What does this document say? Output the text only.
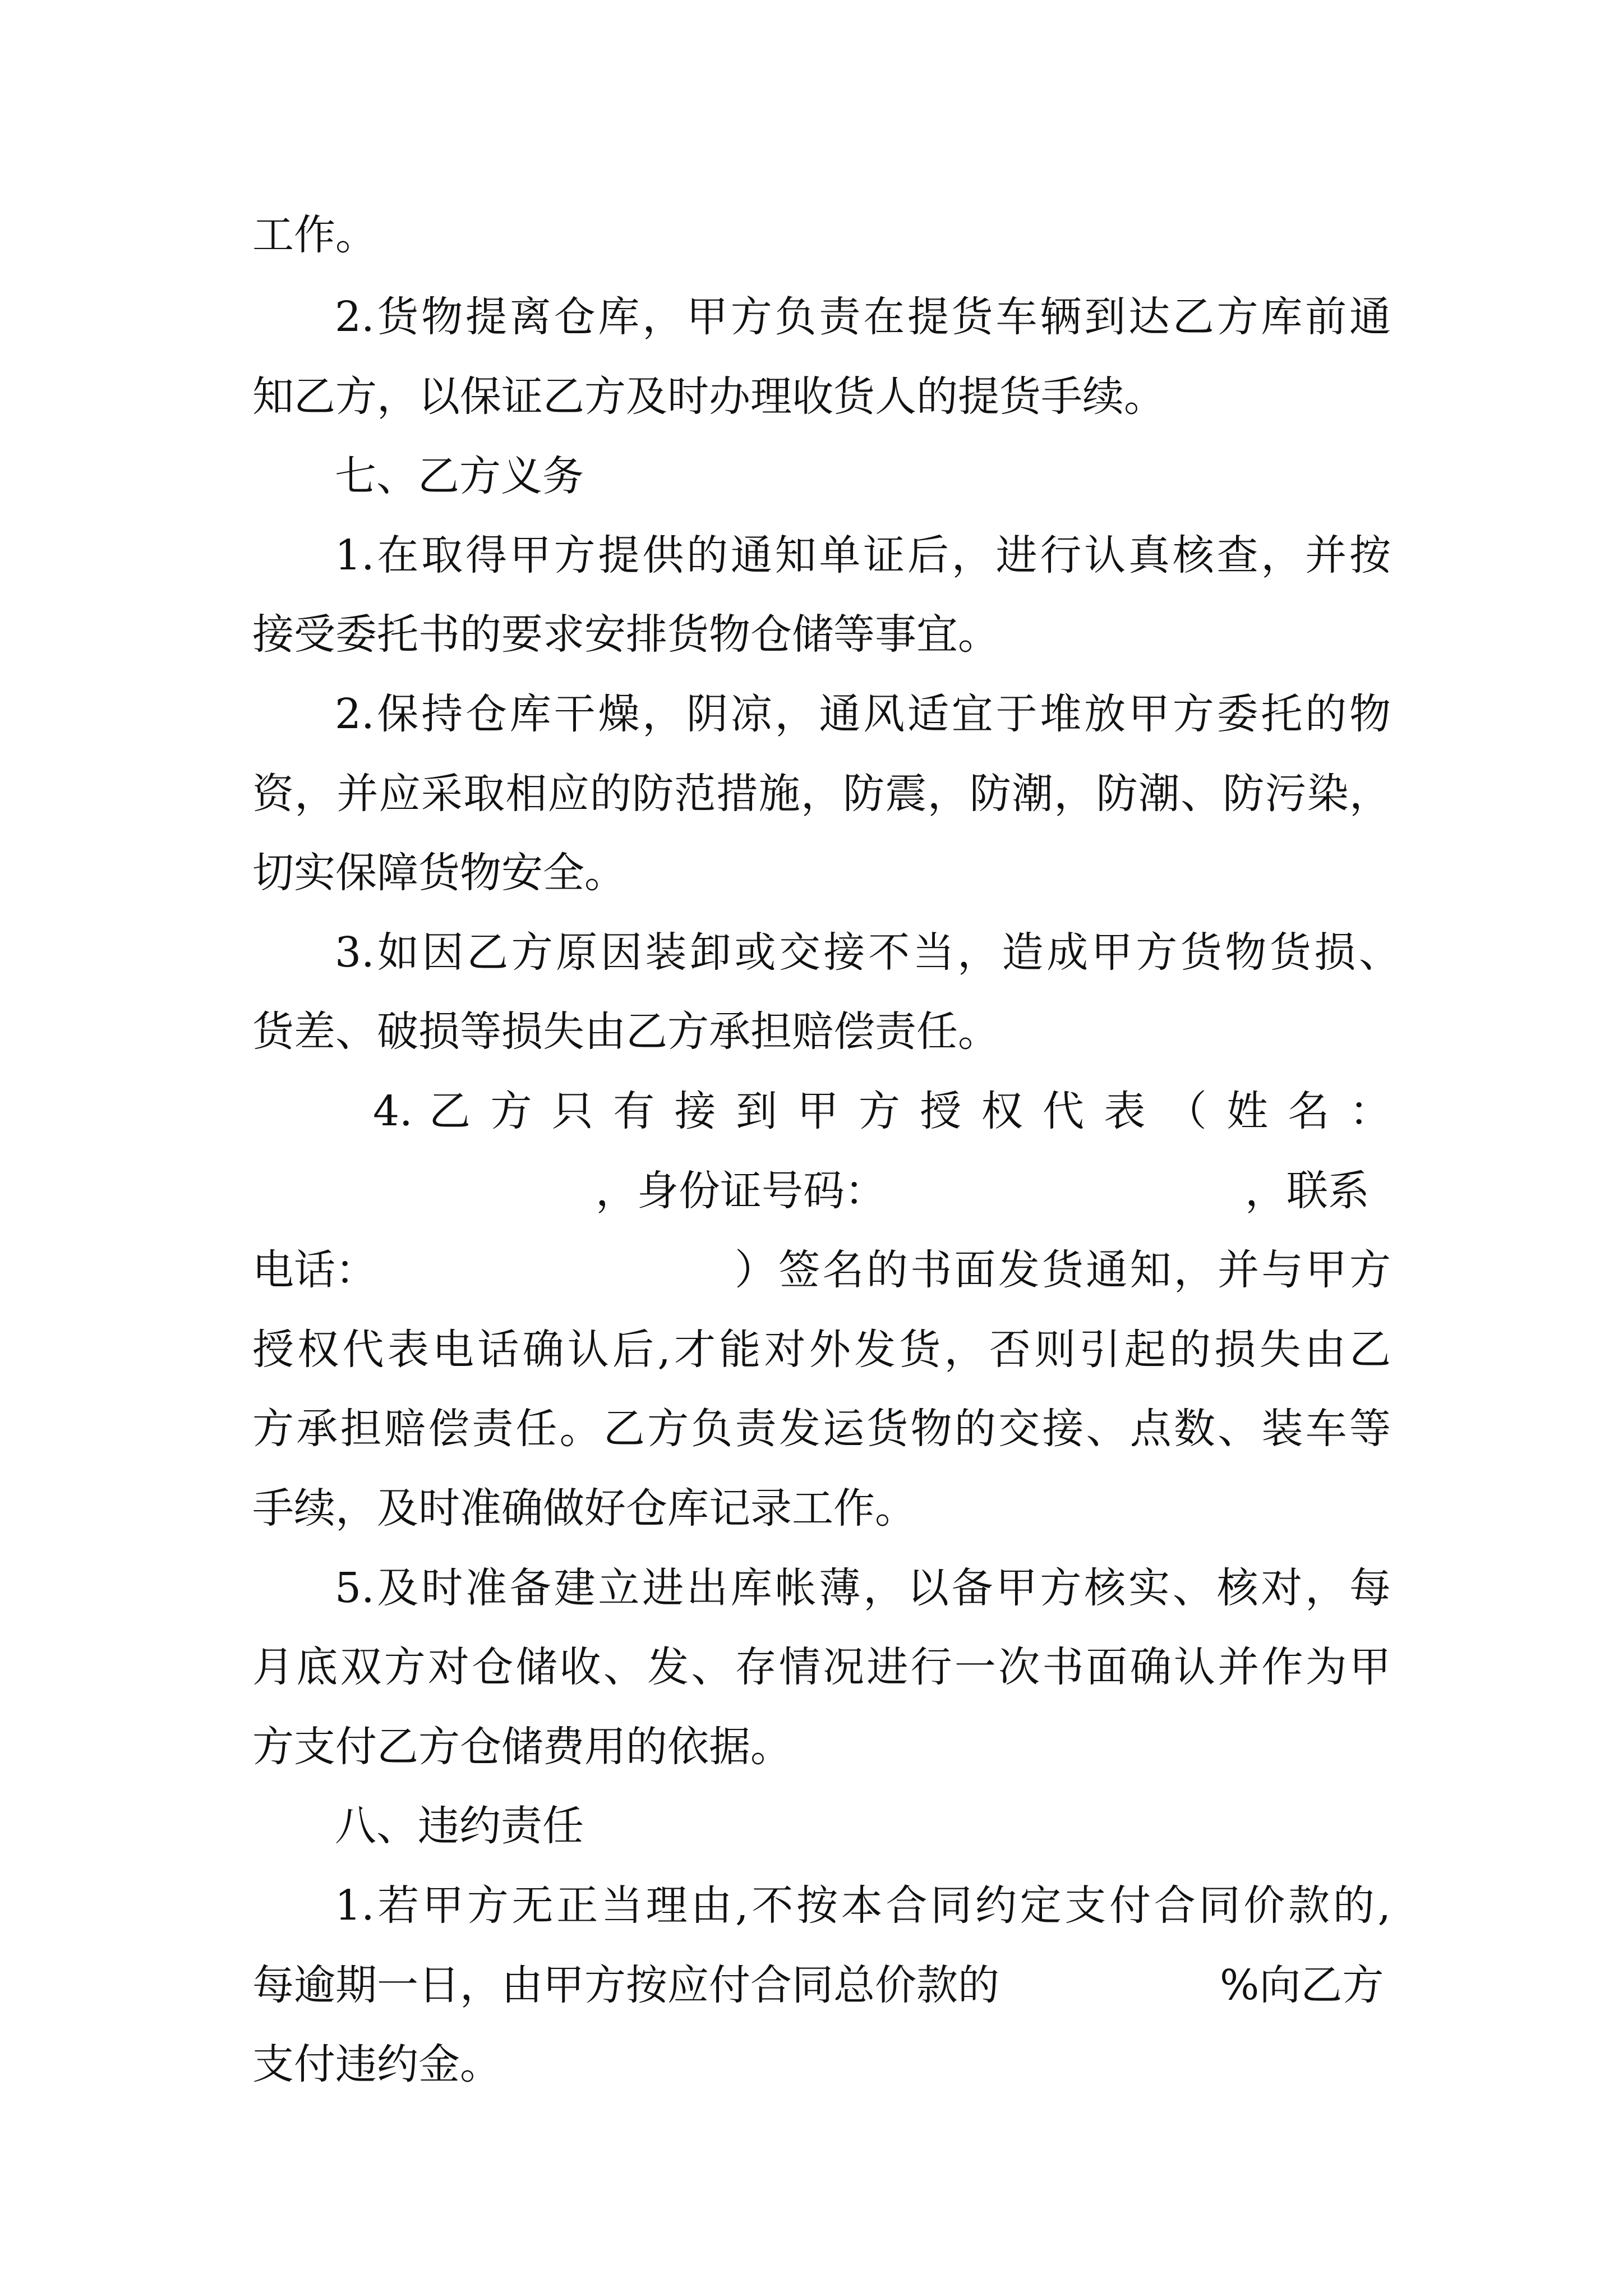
工作。
2.货物提离仓库，甲方负责在提货车辆到达乙方库前通
知乙方，以保证乙方及时办理收货人的提货手续。
七、乙方义务
1.在取得甲方提供的通知单证后，进行认真核查，并按
接受委托书的要求安排货物仓储等事宜。
2.保持仓库干燥，阴凉，通风适宜于堆放甲方委托的物
资，并应采取相应的防范措施，防震，防潮，防潮、防污染，
切实保障货物安全。
3.如因乙方原因装卸或交接不当，造成甲方货物货损、
货差、破损等损失由乙方承担赔偿责任。
4. 乙 方 只 有 接 到 甲 方 授 权 代 表 （ 姓 名 ：
，身份证号码：	，联系
电话：	）签名的书面发货通知，并与甲方
授权代表电话确认后,才能对外发货，否则引起的损失由乙
方承担赔偿责任。乙方负责发运货物的交接、点数、装车等
手续，及时准确做好仓库记录工作。
5.及时准备建立进出库帐薄，以备甲方核实、核对，每
月底双方对仓储收、发、存情况进行一次书面确认并作为甲
方支付乙方仓储费用的依据。
八、违约责任
1.若甲方无正当理由,不按本合同约定支付合同价款的,
每逾期一日，由甲方按应付合同总价款的	%向乙方
支付违约金。
